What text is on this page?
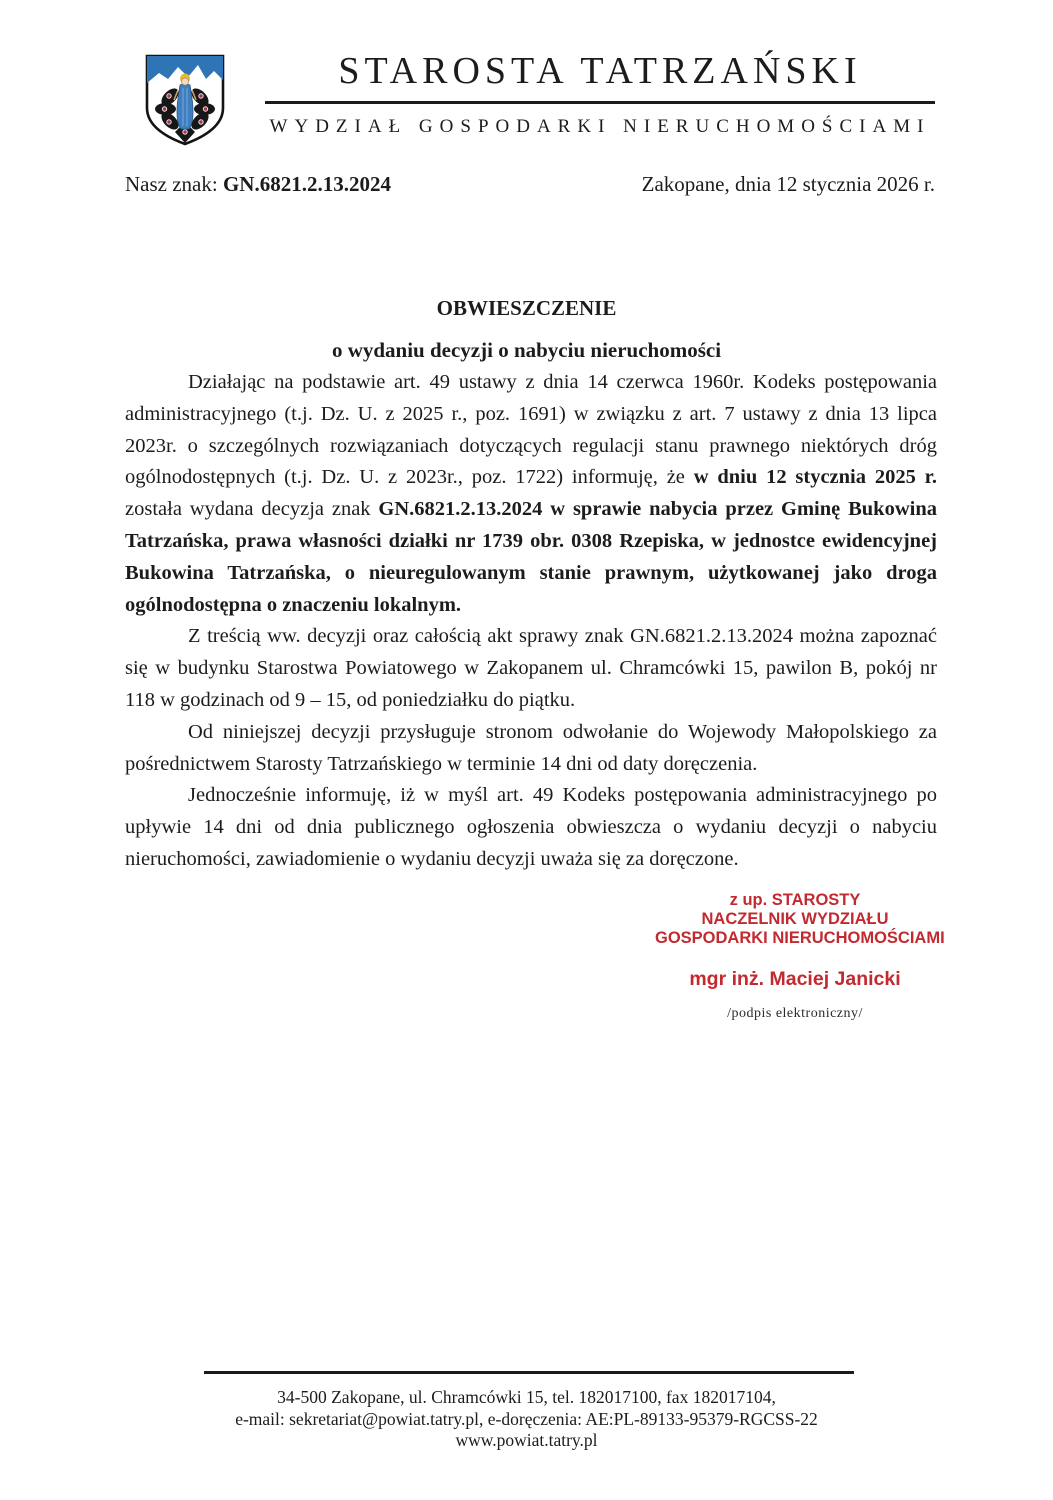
STAROSTA TATRZAŃSKI
WYDZIAŁ GOSPODARKI NIERUCHOMOŚCIAMI
Nasz znak: GN.6821.2.13.2024	Zakopane, dnia 12 stycznia 2026 r.
OBWIESZCZENIE
o wydaniu decyzji o nabyciu nieruchomości

Działając na podstawie art. 49 ustawy z dnia 14 czerwca 1960r. Kodeks postępowania administracyjnego (t.j. Dz. U. z 2025 r., poz. 1691) w związku z art. 7 ustawy z dnia 13 lipca 2023r. o szczególnych rozwiązaniach dotyczących regulacji stanu prawnego niektórych dróg ogólnodostępnych (t.j. Dz. U. z 2023r., poz. 1722) informuję, że w dniu 12 stycznia 2025 r. została wydana decyzja znak GN.6821.2.13.2024 w sprawie nabycia przez Gminę Bukowina Tatrzańska, prawa własności działki nr 1739 obr. 0308 Rzepiska, w jednostce ewidencyjnej Bukowina Tatrzańska, o nieuregulowanym stanie prawnym, użytkowanej jako droga ogólnodostępna o znaczeniu lokalnym.

Z treścią ww. decyzji oraz całością akt sprawy znak GN.6821.2.13.2024 można zapoznać się w budynku Starostwa Powiatowego w Zakopanem ul. Chramcówki 15, pawilon B, pokój nr 118 w godzinach od 9 – 15, od poniedziałku do piątku.

Od niniejszej decyzji przysługuje stronom odwołanie do Wojewody Małopolskiego za pośrednictwem Starosty Tatrzańskiego w terminie 14 dni od daty doręczenia.

Jednocześnie informuję, iż w myśl art. 49 Kodeks postępowania administracyjnego po upływie 14 dni od dnia publicznego ogłoszenia obwieszcza o wydaniu decyzji o nabyciu nieruchomości, zawiadomienie o wydaniu decyzji uważa się za doręczone.

z up. STAROSTY
NACZELNIK WYDZIAŁU
GOSPODARKI NIERUCHOMOŚCIAMI
mgr inż. Maciej Janicki
/podpis elektroniczny/
34-500 Zakopane, ul. Chramcówki 15, tel. 182017100, fax 182017104,
e-mail: sekretariat@powiat.tatry.pl, e-doręczenia: AE:PL-89133-95379-RGCSS-22
www.powiat.tatry.pl
